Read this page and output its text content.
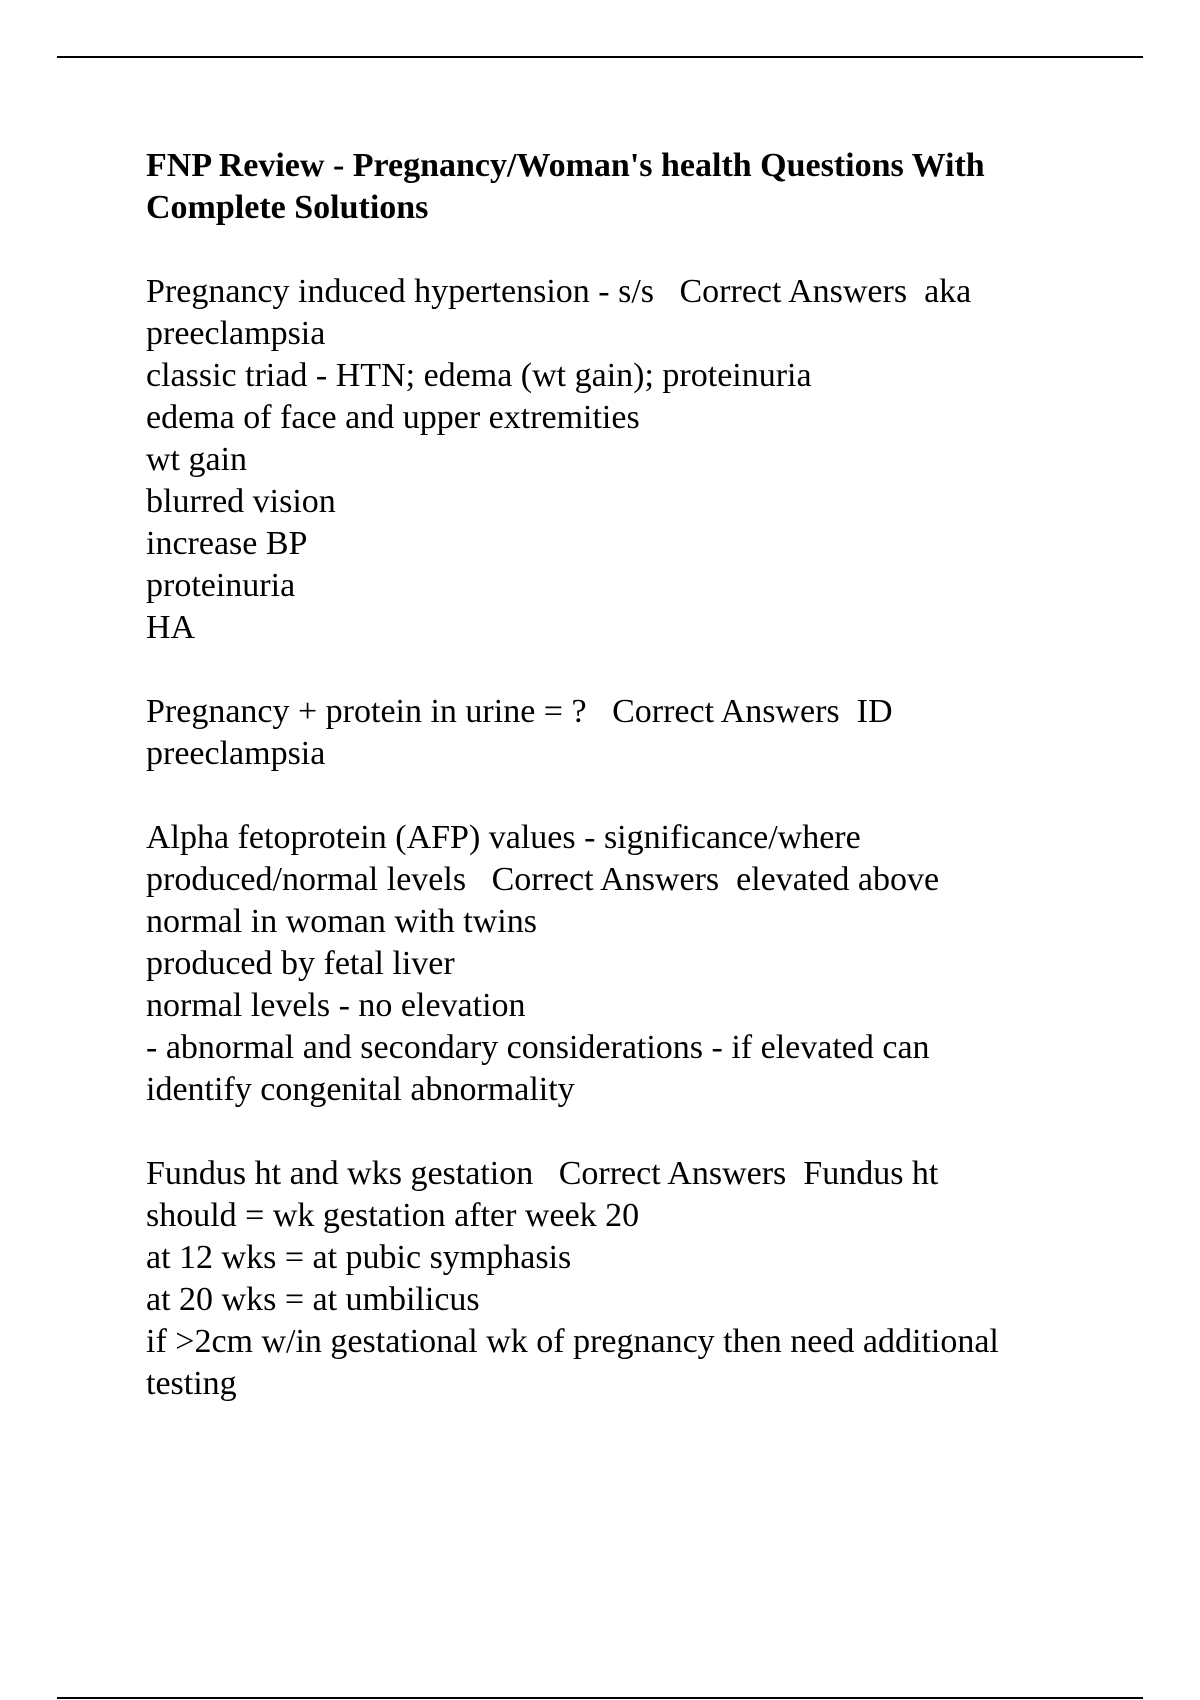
FNP Review - Pregnancy/Woman's health Questions With Complete Solutions
Pregnancy induced hypertension - s/s Correct Answers aka
preeclampsia
classic triad - HTN; edema (wt gain); proteinuria
edema of face and upper extremities
wt gain
blurred vision
increase BP
proteinuria
HA
Pregnancy + protein in urine = ? Correct Answers ID
preeclampsia
Alpha fetoprotein (AFP) values - significance/where
produced/normal levels Correct Answers elevated above
normal in woman with twins
produced by fetal liver
normal levels - no elevation
- abnormal and secondary considerations - if elevated can
identify congenital abnormality
Fundus ht and wks gestation Correct Answers Fundus ht
should = wk gestation after week 20
at 12 wks = at pubic symphasis
at 20 wks = at umbilicus
if >2cm w/in gestational wk of pregnancy then need additional
testing
